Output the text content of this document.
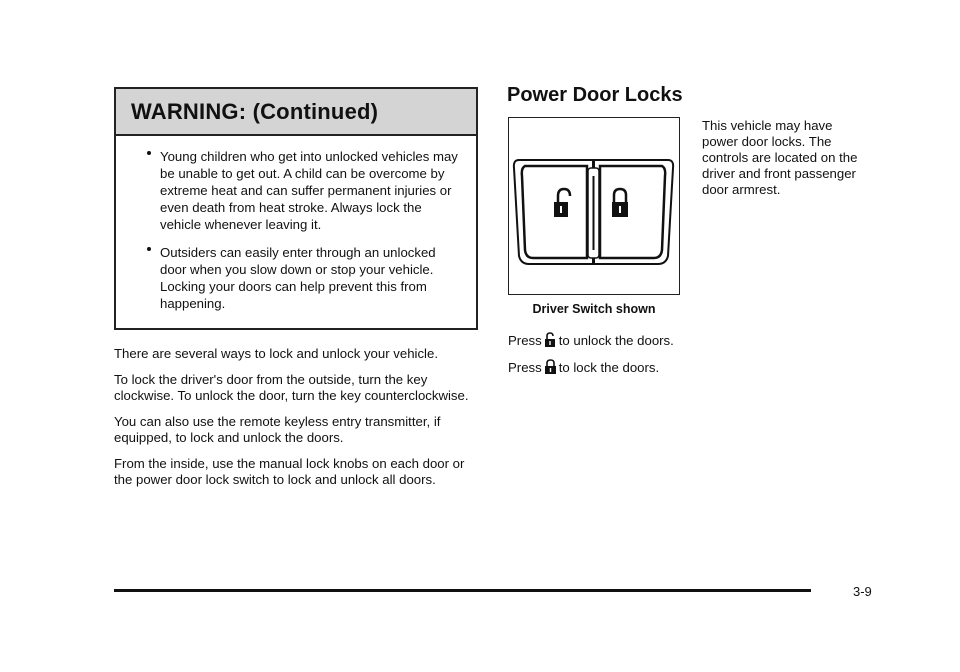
WARNING: (Continued)
Young children who get into unlocked vehicles may be unable to get out. A child can be overcome by extreme heat and can suffer permanent injuries or even death from heat stroke. Always lock the vehicle whenever leaving it.
Outsiders can easily enter through an unlocked door when you slow down or stop your vehicle. Locking your doors can help prevent this from happening.

There are several ways to lock and unlock your vehicle.

To lock the driver's door from the outside, turn the key clockwise. To unlock the door, turn the key counterclockwise.

You can also use the remote keyless entry transmitter, if equipped, to lock and unlock the doors.

From the inside, use the manual lock knobs on each door or the power door lock switch to lock and unlock all doors.

Power Door Locks
Driver Switch shown
This vehicle may have power door locks. The controls are located on the driver and front passenger door armrest.
Press to unlock the doors.
Press to lock the doors.
3-9
